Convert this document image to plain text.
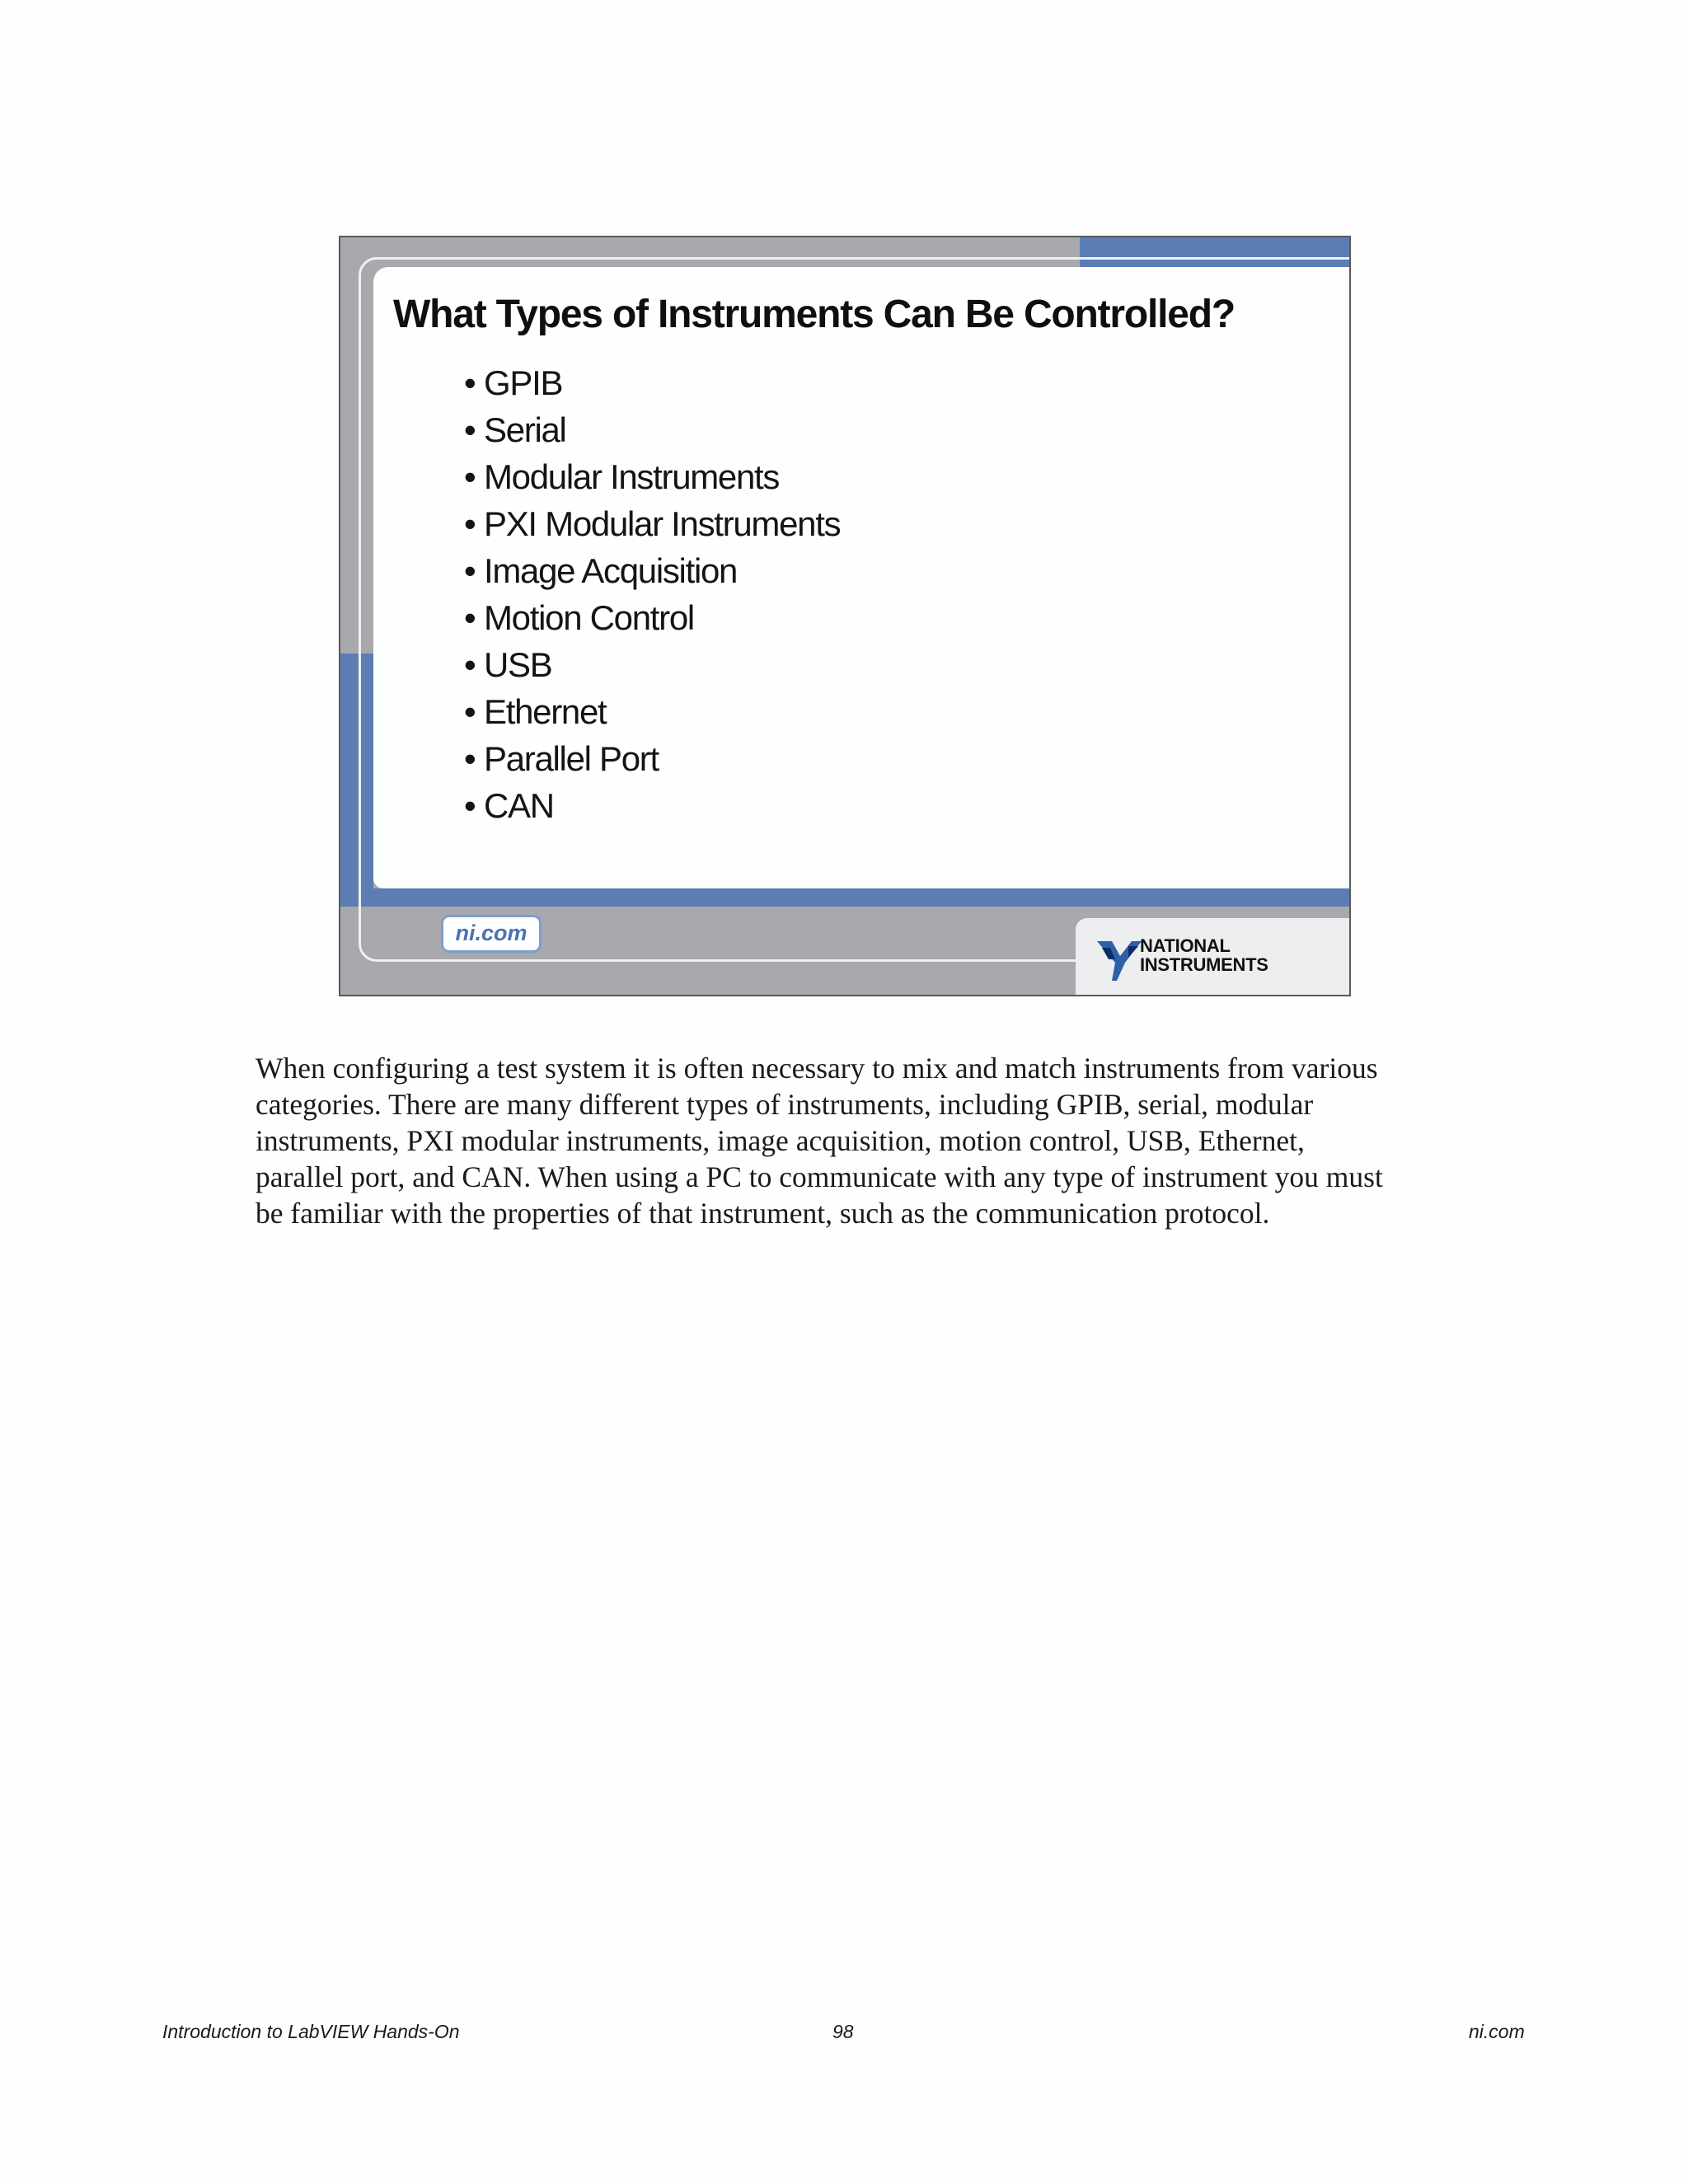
What Types of Instruments Can Be Controlled?
• GPIB
• Serial
• Modular Instruments
• PXI Modular Instruments
• Image Acquisition
• Motion Control
• USB
• Ethernet
• Parallel Port
• CAN
ni.com
NATIONAL
INSTRUMENTS

When configuring a test system it is often necessary to mix and match instruments from various
categories. There are many different types of instruments, including GPIB, serial, modular
instruments, PXI modular instruments, image acquisition, motion control, USB, Ethernet,
parallel port, and CAN. When using a PC to communicate with any type of instrument you must
be familiar with the properties of that instrument, such as the communication protocol.

Introduction to LabVIEW Hands-On	98	ni.com
